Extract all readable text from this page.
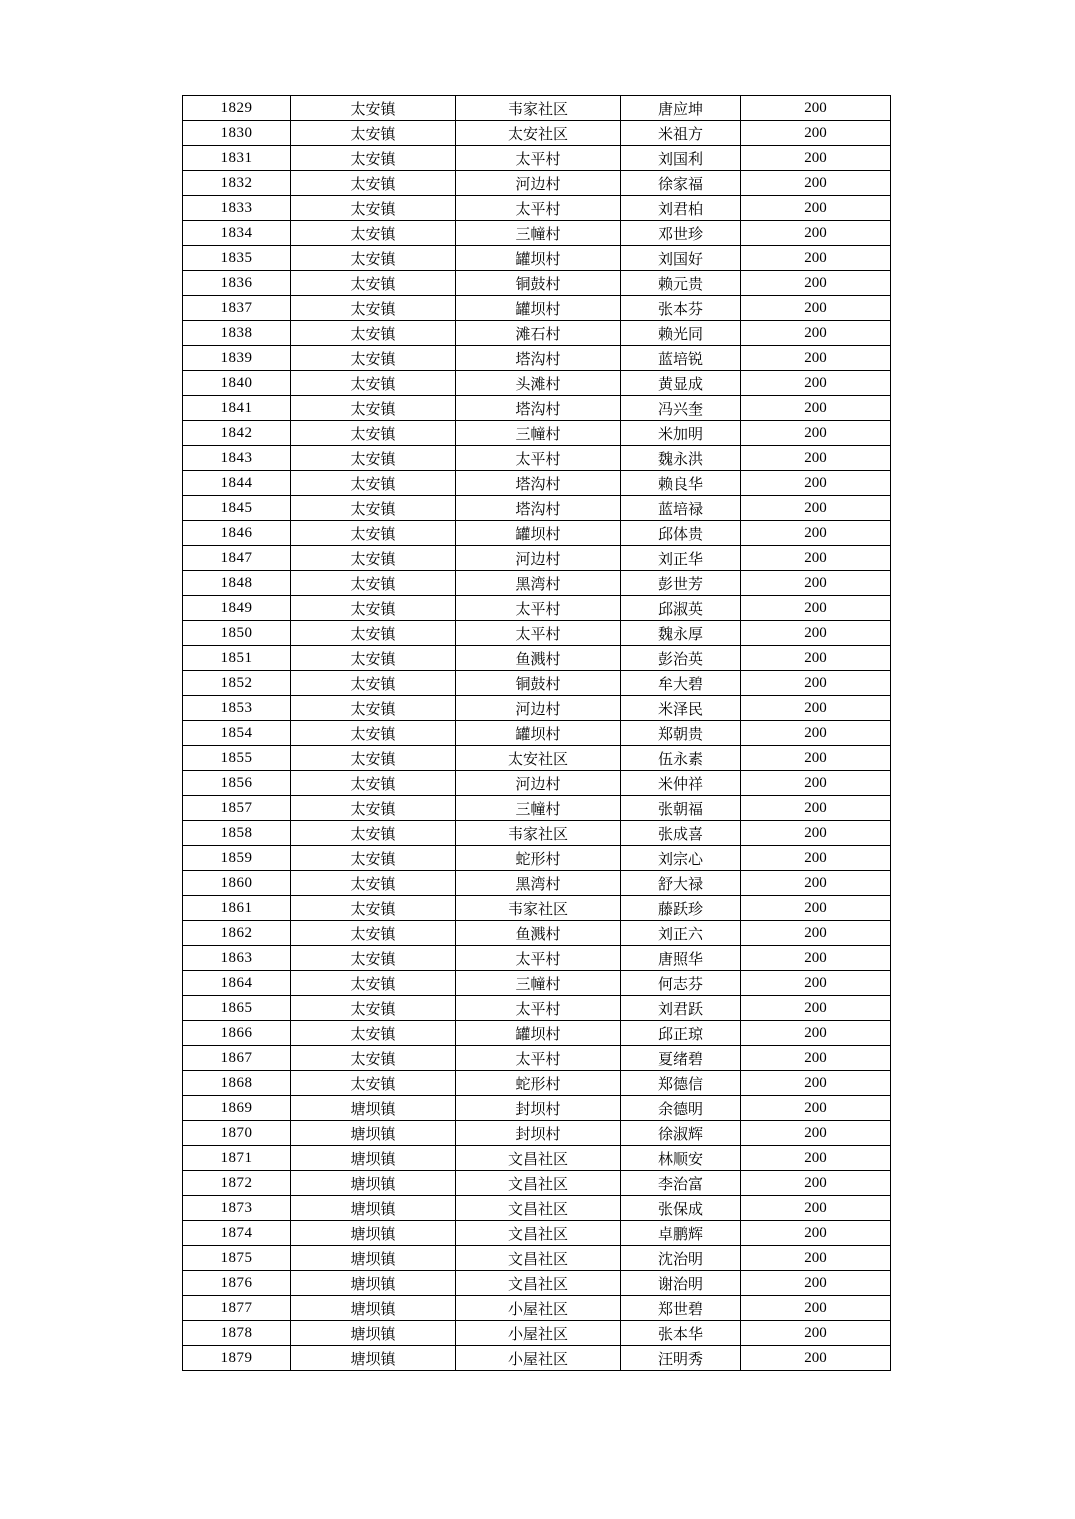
1829	太安镇	韦家社区	唐应坤	200
1830	太安镇	太安社区	米祖方	200
1831	太安镇	太平村	刘国利	200
1832	太安镇	河边村	徐家福	200
1833	太安镇	太平村	刘君柏	200
1834	太安镇	三幢村	邓世珍	200
1835	太安镇	罐坝村	刘国好	200
1836	太安镇	铜鼓村	赖元贵	200
1837	太安镇	罐坝村	张本芬	200
1838	太安镇	滩石村	赖光同	200
1839	太安镇	塔沟村	蓝培锐	200
1840	太安镇	头滩村	黄显成	200
1841	太安镇	塔沟村	冯兴奎	200
1842	太安镇	三幢村	米加明	200
1843	太安镇	太平村	魏永洪	200
1844	太安镇	塔沟村	赖良华	200
1845	太安镇	塔沟村	蓝培禄	200
1846	太安镇	罐坝村	邱体贵	200
1847	太安镇	河边村	刘正华	200
1848	太安镇	黑湾村	彭世芳	200
1849	太安镇	太平村	邱淑英	200
1850	太安镇	太平村	魏永厚	200
1851	太安镇	鱼溅村	彭治英	200
1852	太安镇	铜鼓村	牟大碧	200
1853	太安镇	河边村	米泽民	200
1854	太安镇	罐坝村	郑朝贵	200
1855	太安镇	太安社区	伍永素	200
1856	太安镇	河边村	米仲祥	200
1857	太安镇	三幢村	张朝福	200
1858	太安镇	韦家社区	张成喜	200
1859	太安镇	蛇形村	刘宗心	200
1860	太安镇	黑湾村	舒大禄	200
1861	太安镇	韦家社区	藤跃珍	200
1862	太安镇	鱼溅村	刘正六	200
1863	太安镇	太平村	唐照华	200
1864	太安镇	三幢村	何志芬	200
1865	太安镇	太平村	刘君跃	200
1866	太安镇	罐坝村	邱正琼	200
1867	太安镇	太平村	夏绪碧	200
1868	太安镇	蛇形村	郑德信	200
1869	塘坝镇	封坝村	余德明	200
1870	塘坝镇	封坝村	徐淑辉	200
1871	塘坝镇	文昌社区	林顺安	200
1872	塘坝镇	文昌社区	李治富	200
1873	塘坝镇	文昌社区	张保成	200
1874	塘坝镇	文昌社区	卓鹏辉	200
1875	塘坝镇	文昌社区	沈治明	200
1876	塘坝镇	文昌社区	谢治明	200
1877	塘坝镇	小屋社区	郑世碧	200
1878	塘坝镇	小屋社区	张本华	200
1879	塘坝镇	小屋社区	汪明秀	200
